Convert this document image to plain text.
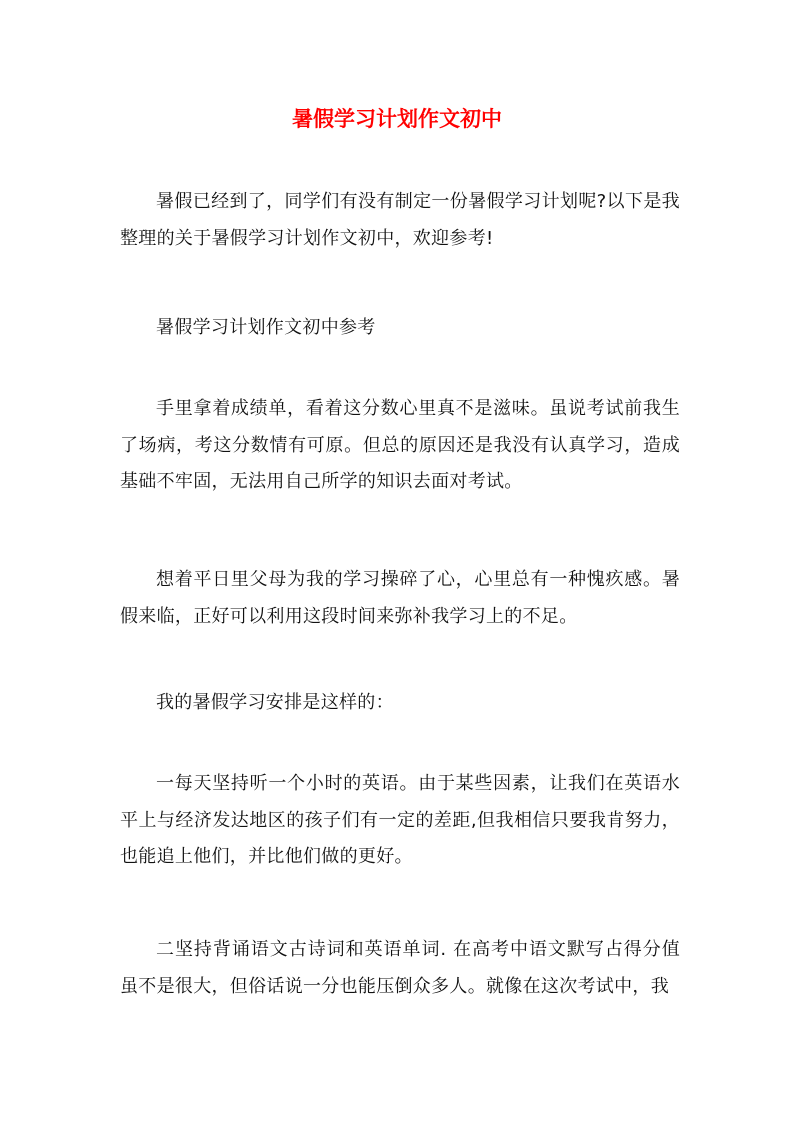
暑假学习计划作文初中

暑假已经到了，同学们有没有制定一份暑假学习计划呢?以下是我整理的关于暑假学习计划作文初中，欢迎参考!

暑假学习计划作文初中参考

手里拿着成绩单，看着这分数心里真不是滋味。虽说考试前我生了场病，考这分数情有可原。但总的原因还是我没有认真学习，造成基础不牢固，无法用自己所学的知识去面对考试。

想着平日里父母为我的学习操碎了心，心里总有一种愧疚感。暑假来临，正好可以利用这段时间来弥补我学习上的不足。

我的暑假学习安排是这样的：

一每天坚持听一个小时的英语。由于某些因素，让我们在英语水平上与经济发达地区的孩子们有一定的差距,但我相信只要我肯努力，也能追上他们，并比他们做的更好。

二坚持背诵语文古诗词和英语单词. 在高考中语文默写占得分值虽不是很大，但俗话说一分也能压倒众多人。就像在这次考试中，我
